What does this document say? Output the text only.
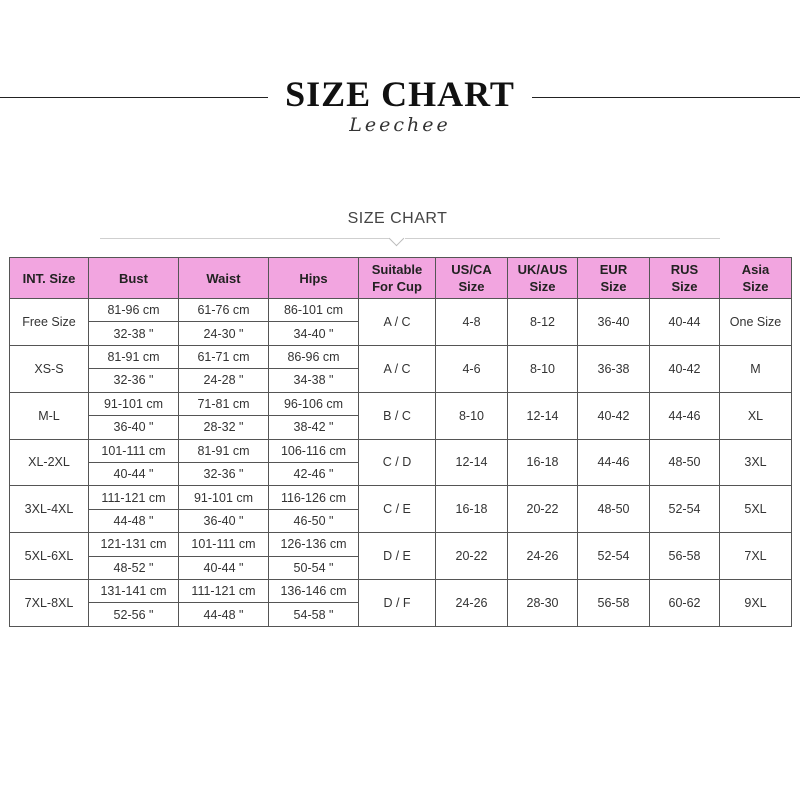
SIZE CHART
Leechee
SIZE CHART
INT. Size	Bust	Waist	Hips	Suitable
For Cup	US/CA
Size	UK/AUS
Size	EUR
Size	RUS
Size	Asia
Size
Free Size	81-96 cm	61-76 cm	86-101 cm	A / C	4-8	8-12	36-40	40-44	One Size
	32-38 "	24-30 "	34-40 "						
XS-S	81-91 cm	61-71 cm	86-96 cm	A / C	4-6	8-10	36-38	40-42	M
	32-36 "	24-28 "	34-38 "						
M-L	91-101 cm	71-81 cm	96-106 cm	B / C	8-10	12-14	40-42	44-46	XL
	36-40 "	28-32 "	38-42 "						
XL-2XL	101-111 cm	81-91 cm	106-116 cm	C / D	12-14	16-18	44-46	48-50	3XL
	40-44 "	32-36 "	42-46 "						
3XL-4XL	111-121 cm	91-101 cm	116-126 cm	C / E	16-18	20-22	48-50	52-54	5XL
	44-48 "	36-40 "	46-50 "						
5XL-6XL	121-131 cm	101-111 cm	126-136 cm	D / E	20-22	24-26	52-54	56-58	7XL
	48-52 "	40-44 "	50-54 "						
7XL-8XL	131-141 cm	111-121 cm	136-146 cm	D / F	24-26	28-30	56-58	60-62	9XL
	52-56 "	44-48 "	54-58 "						
